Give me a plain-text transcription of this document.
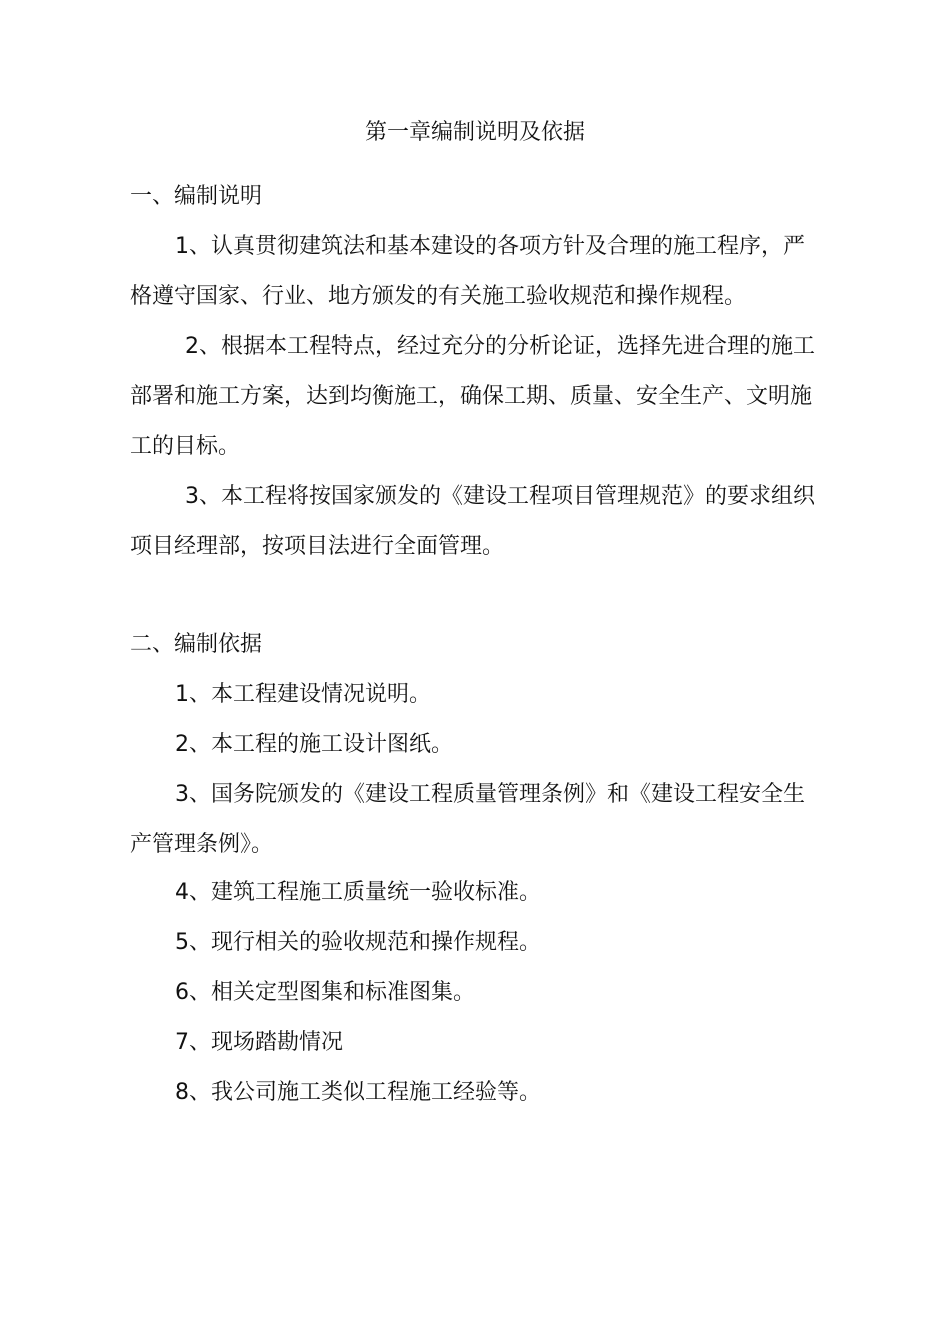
第一章编制说明及依据
一、编制说明
1、认真贯彻建筑法和基本建设的各项方针及合理的施工程序，严
格遵守国家、行业、地方颁发的有关施工验收规范和操作规程。
2、根据本工程特点，经过充分的分析论证，选择先进合理的施工
部署和施工方案，达到均衡施工，确保工期、质量、安全生产、文明施
工的目标。
3、本工程将按国家颁发的《建设工程项目管理规范》的要求组织
项目经理部，按项目法进行全面管理。
二、编制依据
1、本工程建设情况说明。
2、本工程的施工设计图纸。
3、国务院颁发的《建设工程质量管理条例》和《建设工程安全生
产管理条例》。
4、建筑工程施工质量统一验收标准。
5、现行相关的验收规范和操作规程。
6、相关定型图集和标准图集。
7、现场踏勘情况
8、我公司施工类似工程施工经验等。
